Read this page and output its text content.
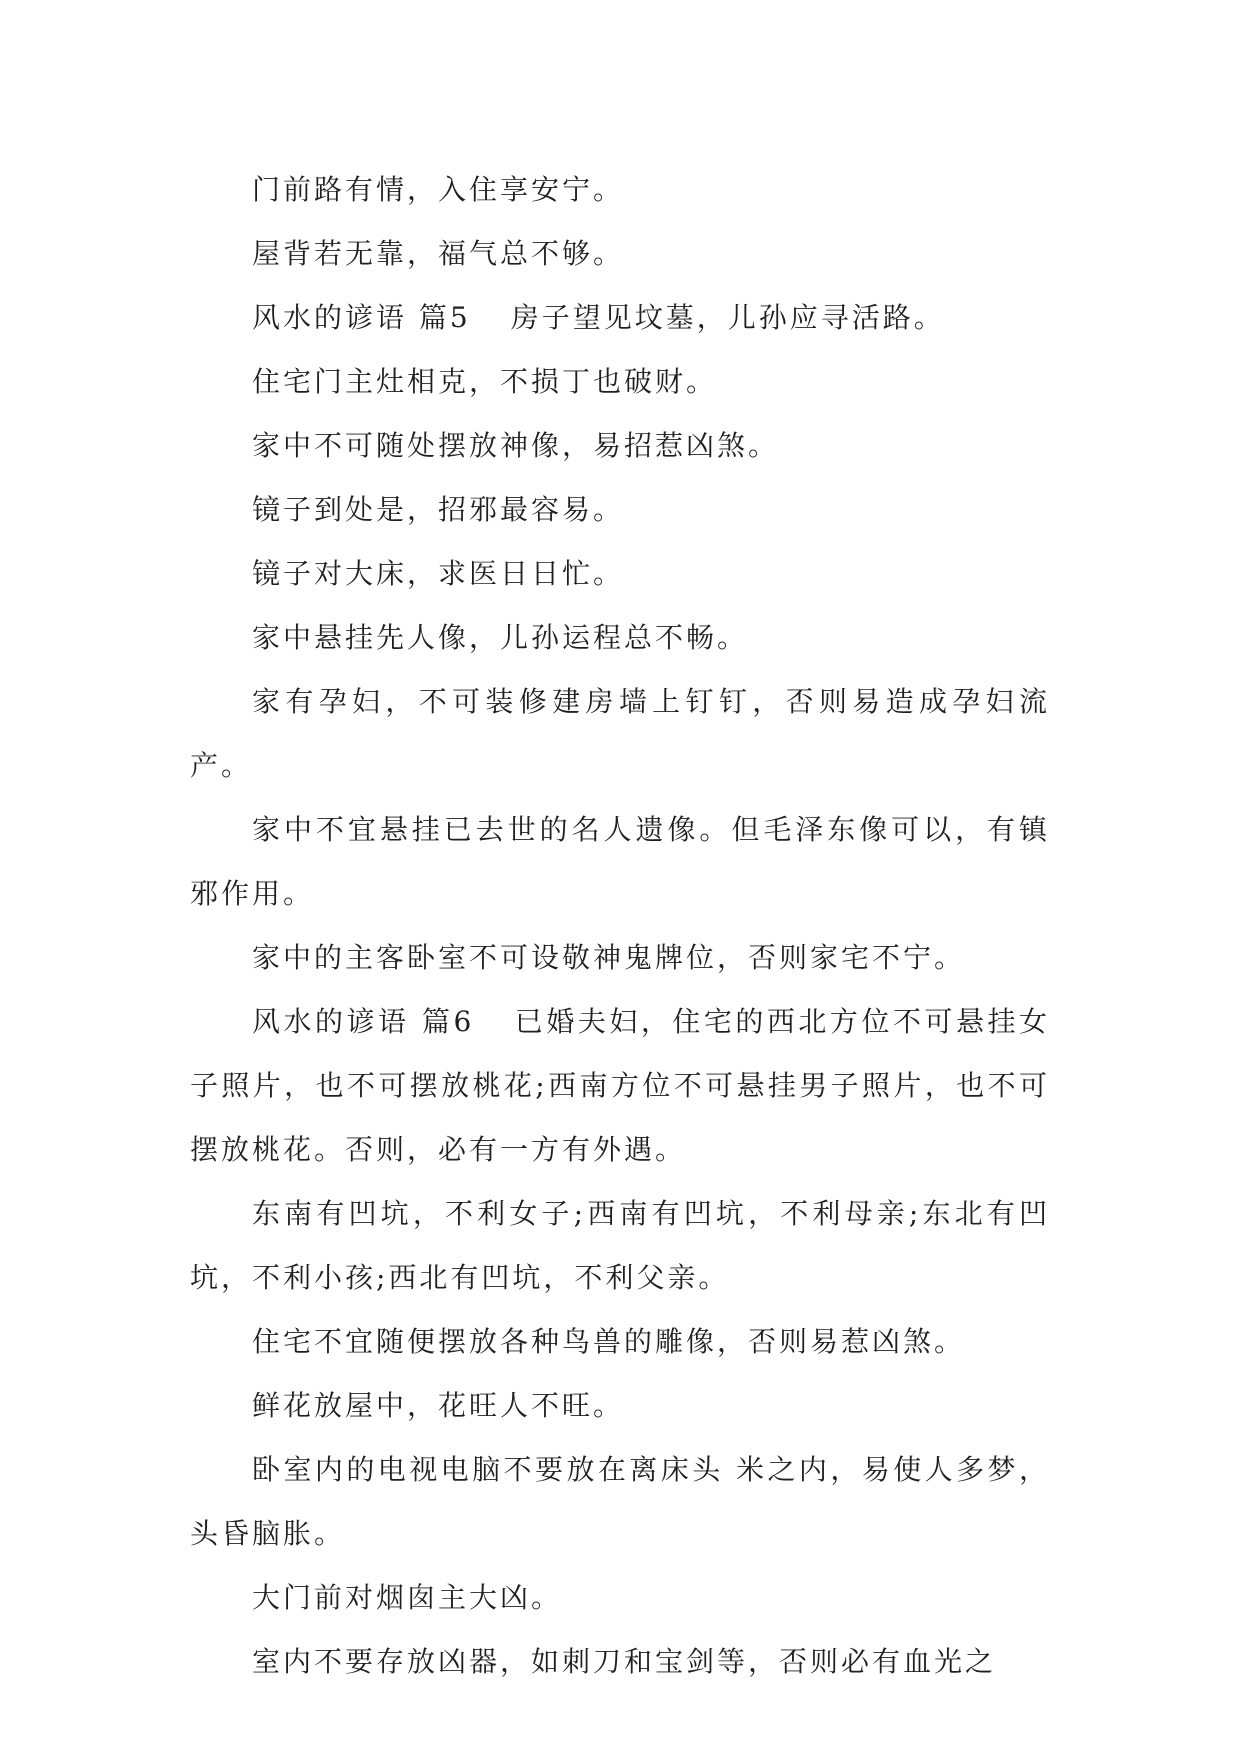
门前路有情，入住享安宁。

屋背若无靠，福气总不够。

风水的谚语 篇5 房子望见坟墓，儿孙应寻活路。

住宅门主灶相克，不损丁也破财。

家中不可随处摆放神像，易招惹凶煞。

镜子到处是，招邪最容易。

镜子对大床，求医日日忙。

家中悬挂先人像，儿孙运程总不畅。

家有孕妇，不可装修建房墙上钉钉，否则易造成孕妇流产。

家中不宜悬挂已去世的名人遗像。但毛泽东像可以，有镇邪作用。

家中的主客卧室不可设敬神鬼牌位，否则家宅不宁。

风水的谚语 篇6 已婚夫妇，住宅的西北方位不可悬挂女子照片，也不可摆放桃花;西南方位不可悬挂男子照片，也不可摆放桃花。否则，必有一方有外遇。

东南有凹坑，不利女子;西南有凹坑，不利母亲;东北有凹坑，不利小孩;西北有凹坑，不利父亲。

住宅不宜随便摆放各种鸟兽的雕像，否则易惹凶煞。

鲜花放屋中，花旺人不旺。

卧室内的电视电脑不要放在离床头 米之内，易使人多梦，头昏脑胀。

大门前对烟囱主大凶。

室内不要存放凶器，如刺刀和宝剑等，否则必有血光之
